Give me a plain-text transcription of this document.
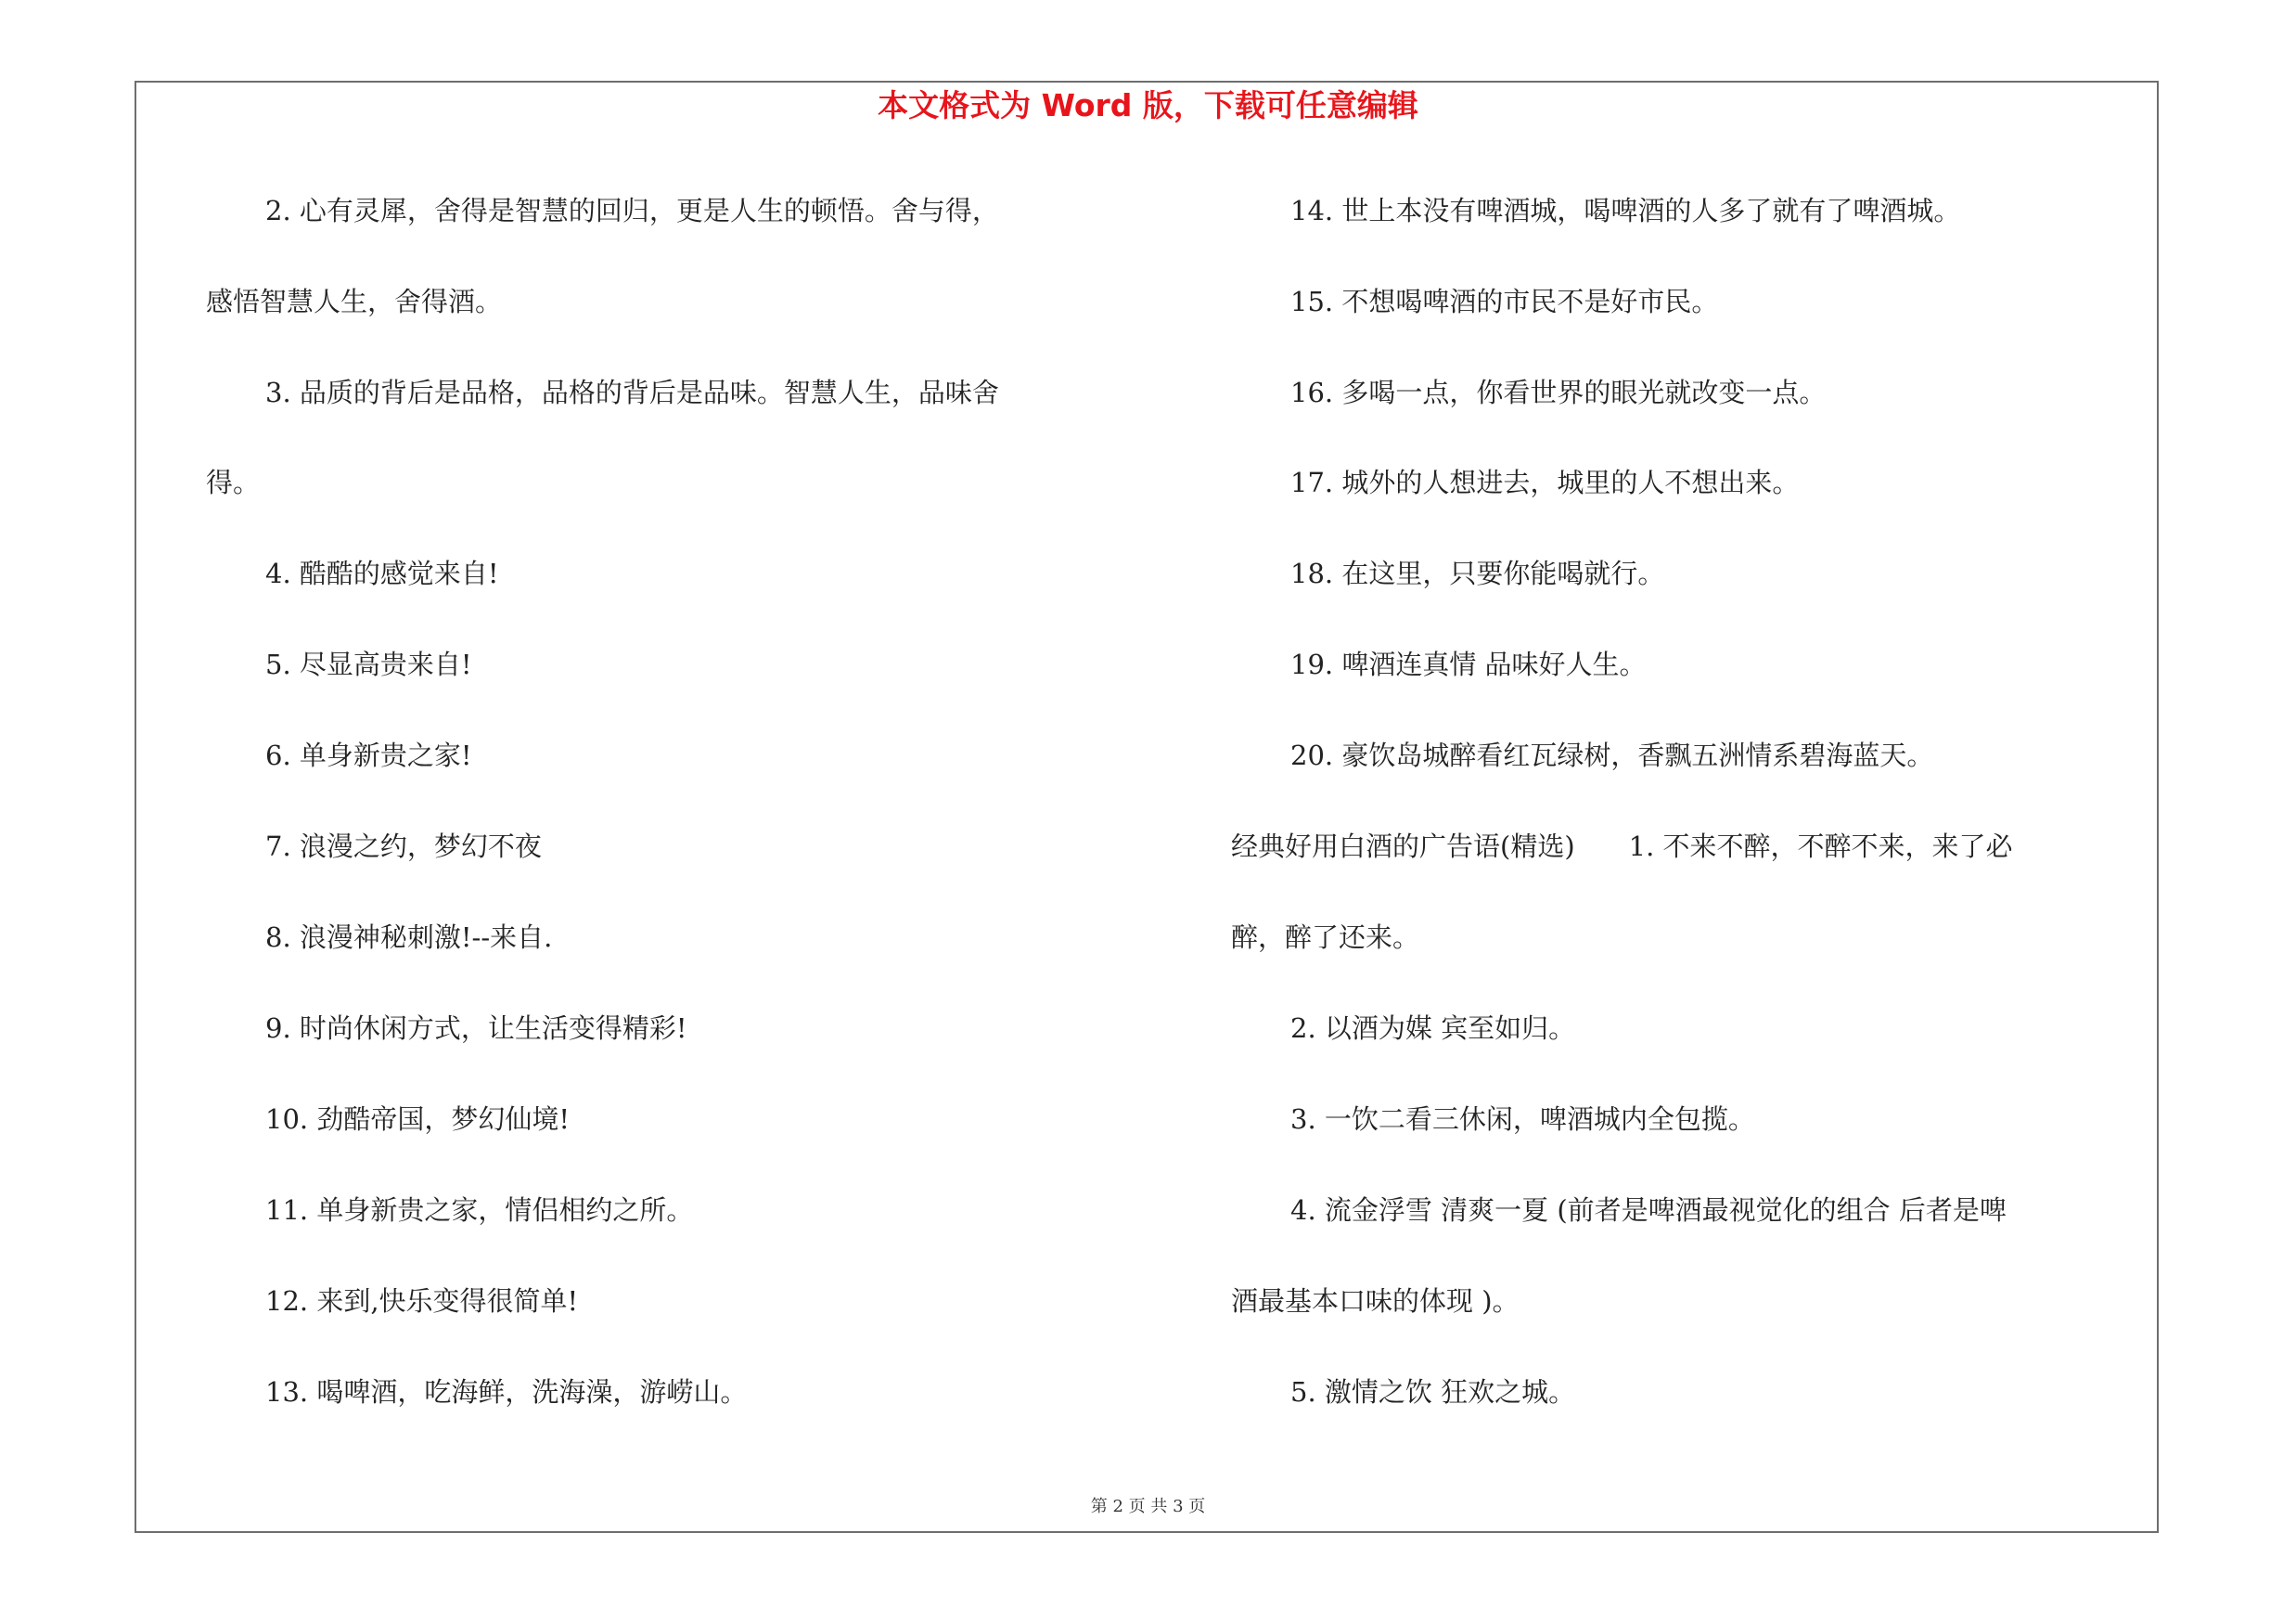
本文格式为 Word 版，下载可任意编辑
2. 心有灵犀，舍得是智慧的回归，更是人生的顿悟。舍与得，
感悟智慧人生，舍得酒。
3. 品质的背后是品格，品格的背后是品味。智慧人生，品味舍
得。
4. 酷酷的感觉来自!
5. 尽显高贵来自!
6. 单身新贵之家!
7. 浪漫之约，梦幻不夜
8. 浪漫神秘刺激!--来自.
9. 时尚休闲方式，让生活变得精彩!
10. 劲酷帝国，梦幻仙境!
11. 单身新贵之家，情侣相约之所。
12. 来到,快乐变得很简单!
13. 喝啤酒，吃海鲜，洗海澡，游崂山。
14. 世上本没有啤酒城，喝啤酒的人多了就有了啤酒城。
15. 不想喝啤酒的市民不是好市民。
16. 多喝一点，你看世界的眼光就改变一点。
17. 城外的人想进去，城里的人不想出来。
18. 在这里，只要你能喝就行。
19. 啤酒连真情 品味好人生。
20. 豪饮岛城醉看红瓦绿树，香飘五洲情系碧海蓝天。
经典好用白酒的广告语(精选)　　1. 不来不醉，不醉不来，来了必
醉，醉了还来。
2. 以酒为媒 宾至如归。
3. 一饮二看三休闲，啤酒城内全包揽。
4. 流金浮雪 清爽一夏 (前者是啤酒最视觉化的组合 后者是啤
酒最基本口味的体现 )。
5. 激情之饮 狂欢之城。
第 2 页 共 3 页
